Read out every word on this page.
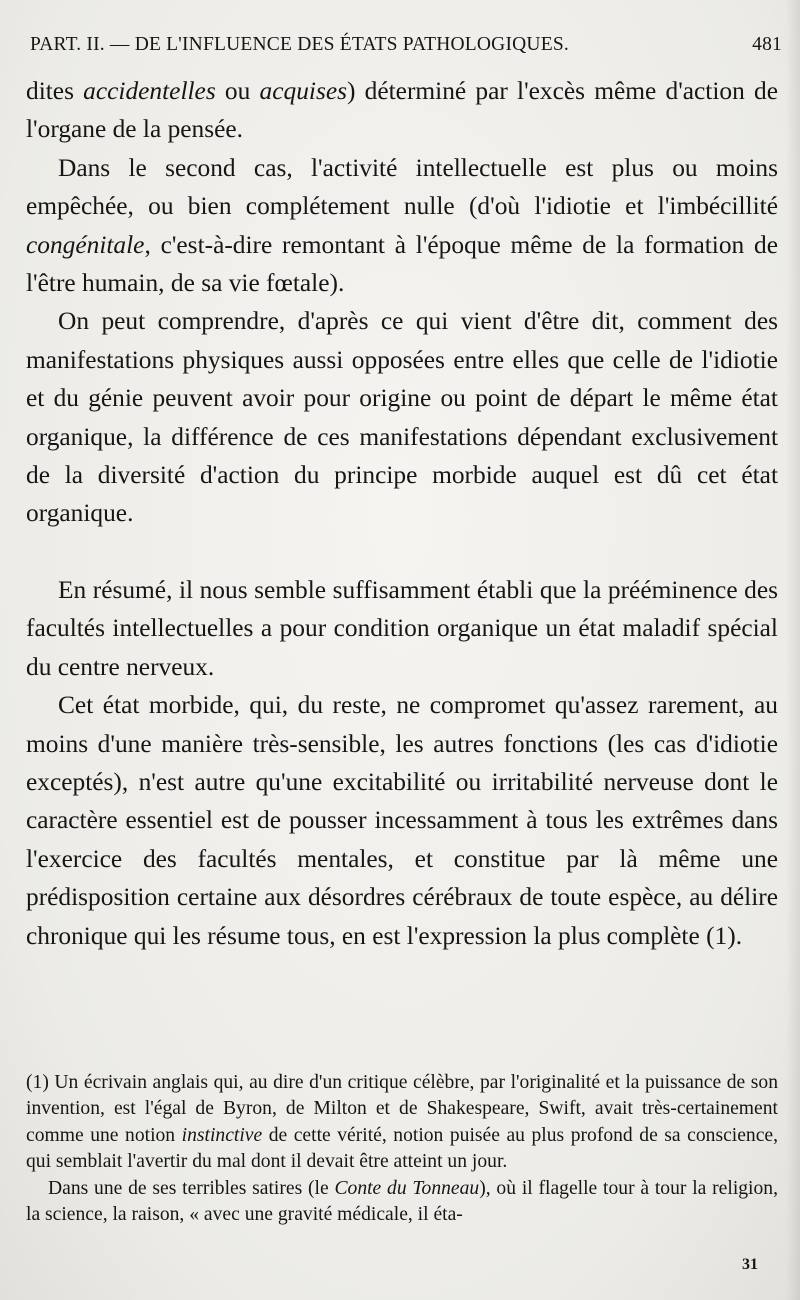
PART. II. — DE L'INFLUENCE DES ÉTATS PATHOLOGIQUES.	481

dites accidentelles ou acquises) déterminé par l'excès même d'action de l'organe de la pensée.

Dans le second cas, l'activité intellectuelle est plus ou moins empêchée, ou bien complétement nulle (d'où l'idiotie et l'imbécillité congénitale, c'est-à-dire remontant à l'époque même de la formation de l'être humain, de sa vie fœtale).

On peut comprendre, d'après ce qui vient d'être dit, comment des manifestations physiques aussi opposées entre elles que celle de l'idiotie et du génie peuvent avoir pour origine ou point de départ le même état organique, la différence de ces manifestations dépendant exclusivement de la diversité d'action du principe morbide auquel est dû cet état organique.

En résumé, il nous semble suffisamment établi que la prééminence des facultés intellectuelles a pour condition organique un état maladif spécial du centre nerveux.

Cet état morbide, qui, du reste, ne compromet qu'assez rarement, au moins d'une manière très-sensible, les autres fonctions (les cas d'idiotie exceptés), n'est autre qu'une excitabilité ou irritabilité nerveuse dont le caractère essentiel est de pousser incessamment à tous les extrêmes dans l'exercice des facultés mentales, et constitue par là même une prédisposition certaine aux désordres cérébraux de toute espèce, au délire chronique qui les résume tous, en est l'expression la plus complète (1).

(1) Un écrivain anglais qui, au dire d'un critique célèbre, par l'originalité et la puissance de son invention, est l'égal de Byron, de Milton et de Shakespeare, Swift, avait très-certainement comme une notion instinctive de cette vérité, notion puisée au plus profond de sa conscience, qui semblait l'avertir du mal dont il devait être atteint un jour.

Dans une de ses terribles satires (le Conte du Tonneau), où il flagelle tour à tour la religion, la science, la raison, « avec une gravité médicale, il éta-

31
